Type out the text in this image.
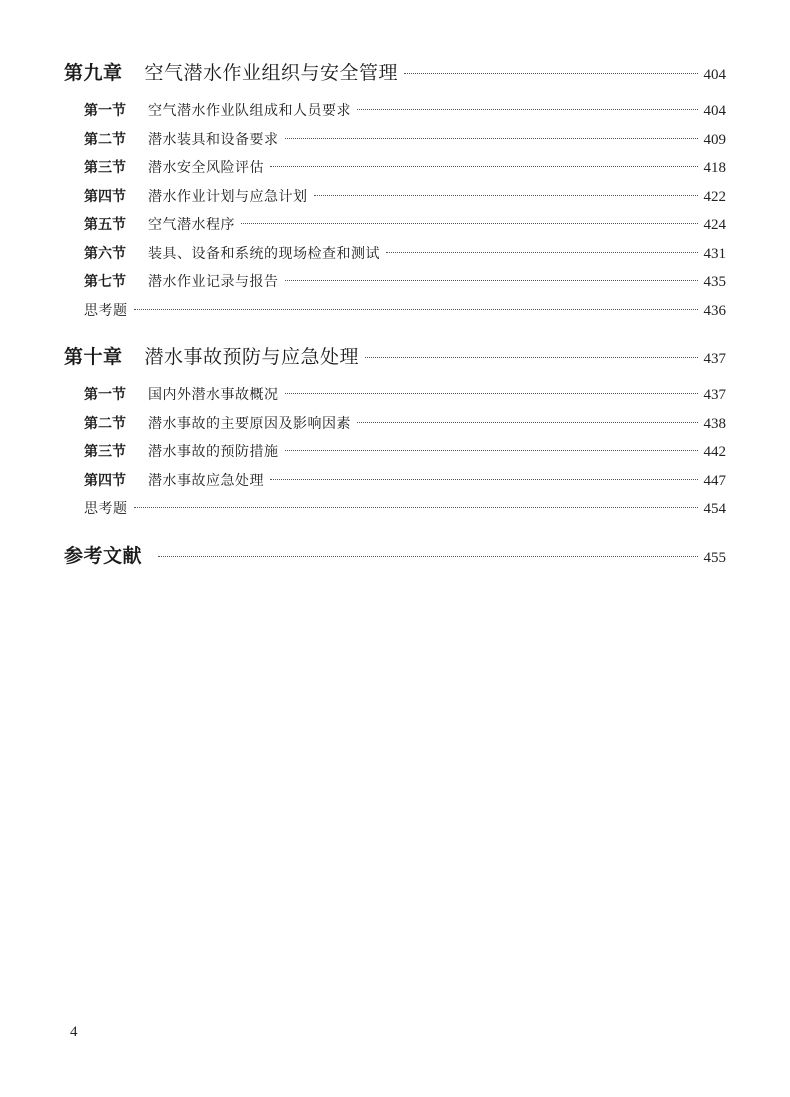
第九章 空气潜水作业组织与安全管理	404
第一节 空气潜水作业队组成和人员要求	404
第二节 潜水装具和设备要求	409
第三节 潜水安全风险评估	418
第四节 潜水作业计划与应急计划	422
第五节 空气潜水程序	424
第六节 装具、设备和系统的现场检查和测试	431
第七节 潜水作业记录与报告	435
思考题	436
第十章 潜水事故预防与应急处理	437
第一节 国内外潜水事故概况	437
第二节 潜水事故的主要原因及影响因素	438
第三节 潜水事故的预防措施	442
第四节 潜水事故应急处理	447
思考题	454
参考文献	455
4
